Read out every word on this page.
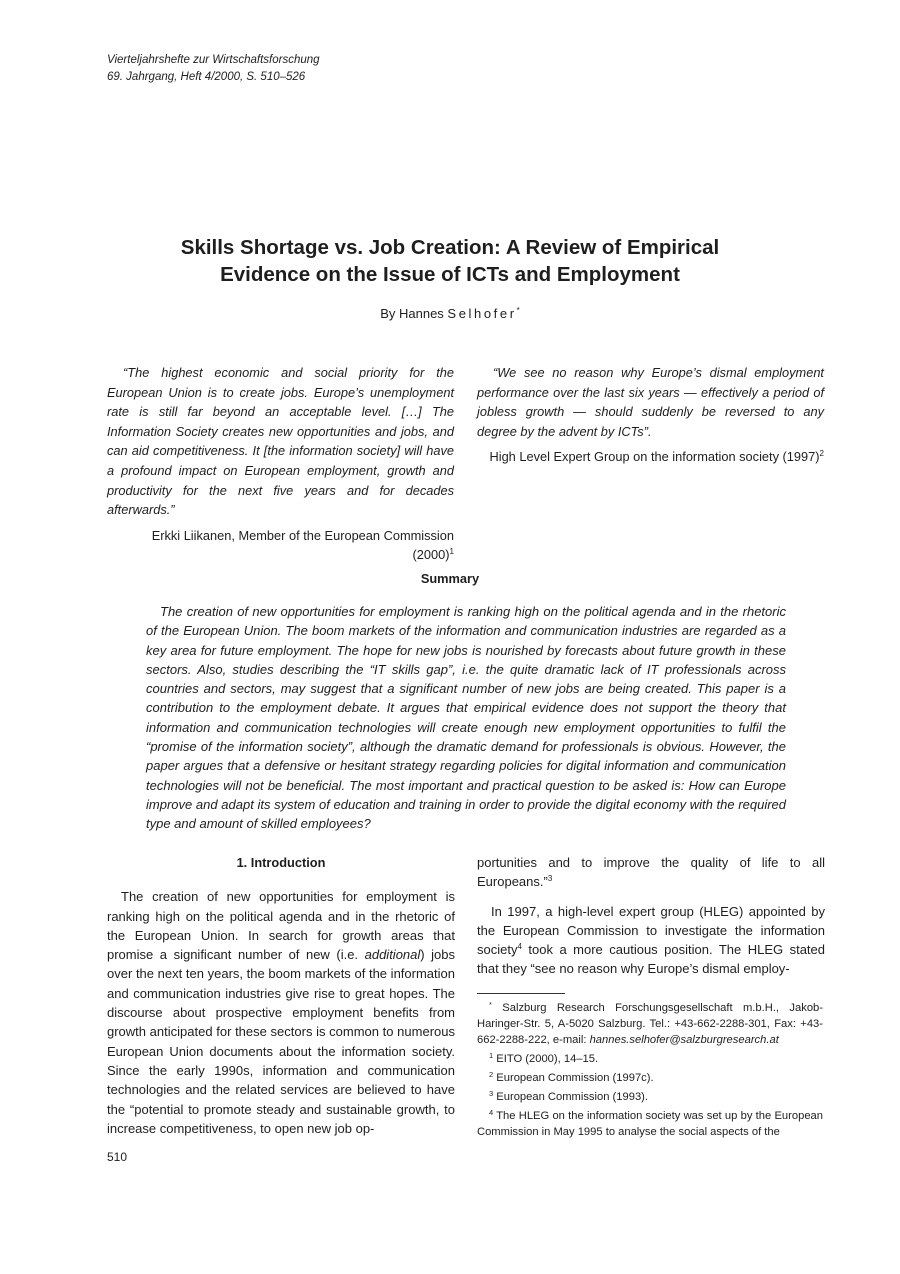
Vierteljahrshefte zur Wirtschaftsforschung
69. Jahrgang, Heft 4/2000, S. 510–526
Skills Shortage vs. Job Creation: A Review of Empirical
Evidence on the Issue of ICTs and Employment
By Hannes Selhofer*
“The highest economic and social priority for the European Union is to create jobs. Europe’s unemployment rate is still far beyond an acceptable level. […] The Information Society creates new opportunities and jobs, and can aid competitiveness. It [the information society] will have a profound impact on European employment, growth and productivity for the next five years and for decades afterwards.”
Erkki Liikanen, Member of the European Commission $(2000)^1$
“We see no reason why Europe’s dismal employment performance over the last six years — effectively a period of jobless growth — should suddenly be reversed to any degree by the advent by ICTs”.
High Level Expert Group on the information society $(1997)^2$
Summary
The creation of new opportunities for employment is ranking high on the political agenda and in the rhetoric of the European Union. The boom markets of the information and communication industries are regarded as a key area for future employment. The hope for new jobs is nourished by forecasts about future growth in these sectors. Also, studies describing the “IT skills gap”, i.e. the quite dramatic lack of IT professionals across countries and sectors, may suggest that a significant number of new jobs are being created. This paper is a contribution to the employment debate. It argues that empirical evidence does not support the theory that information and communication technologies will create enough new employment opportunities to fulfil the “promise of the information society”, although the dramatic demand for professionals is obvious. However, the paper argues that a defensive or hesitant strategy regarding policies for digital information and communication technologies will not be beneficial. The most important and practical question to be asked is: How can Europe improve and adapt its system of education and training in order to provide the digital economy with the required type and amount of skilled employees?
1. Introduction

The creation of new opportunities for employment is ranking high on the political agenda and in the rhetoric of the European Union. In search for growth areas that promise a significant number of new (i.e. additional) jobs over the next ten years, the boom markets of the information and communication industries give rise to great hopes. The discourse about prospective employment benefits from growth anticipated for these sectors is common to numerous European Union documents about the information society. Since the early 1990s, information and communication technologies and the related services are believed to have the “potential to promote steady and sustainable growth, to increase competitiveness, to open new job op-

portunities and to improve the quality of life to all Europeans.”$^3$

In 1997, a high-level expert group (HLEG) appointed by the European Commission to investigate the information society$^4$ took a more cautious position. The HLEG stated that they “see no reason why Europe’s dismal employ-

* Salzburg Research Forschungsgesellschaft m.b.H., Jakob-Haringer-Str. 5, A-5020 Salzburg. Tel.: +43-662-2288-301, Fax: +43-662-2288-222, e-mail: hannes.selhofer@salzburgresearch.at
$^1$ EITO (2000), 14–15.
$^2$ European Commission (1997c).
$^3$ European Commission (1993).
$^4$ The HLEG on the information society was set up by the European Commission in May 1995 to analyse the social aspects of the
510
